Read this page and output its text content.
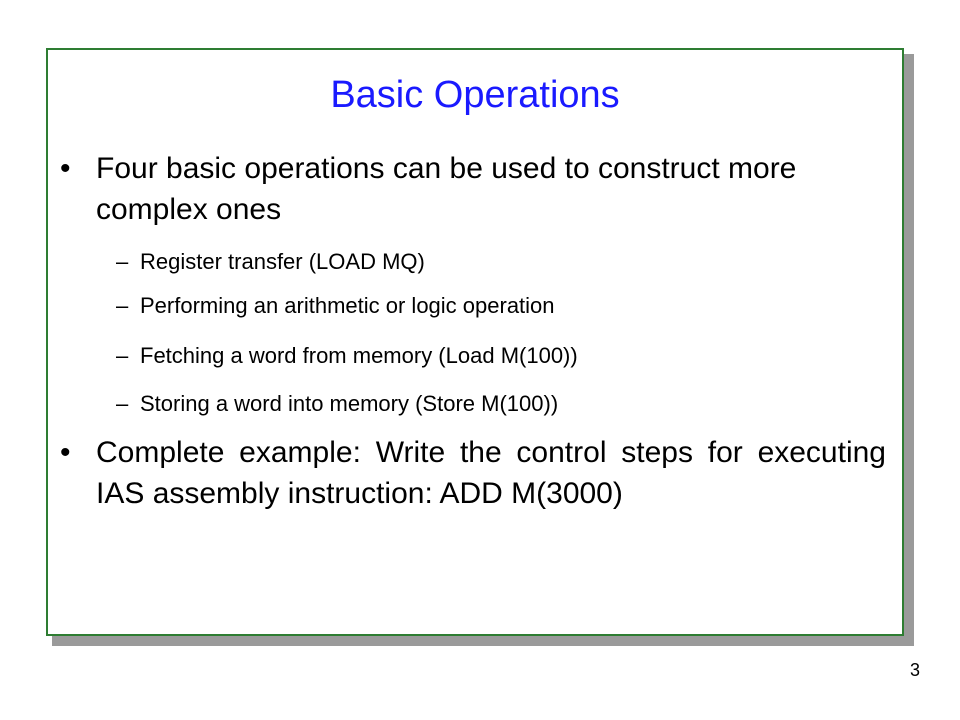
Basic Operations
• Four basic operations can be used to construct more complex ones
– Register transfer (LOAD MQ)
– Performing an arithmetic or logic operation
– Fetching a word from memory (Load M(100))
– Storing a word into memory (Store M(100))
• Complete example: Write the control steps for executing IAS assembly instruction: ADD M(3000)
3
